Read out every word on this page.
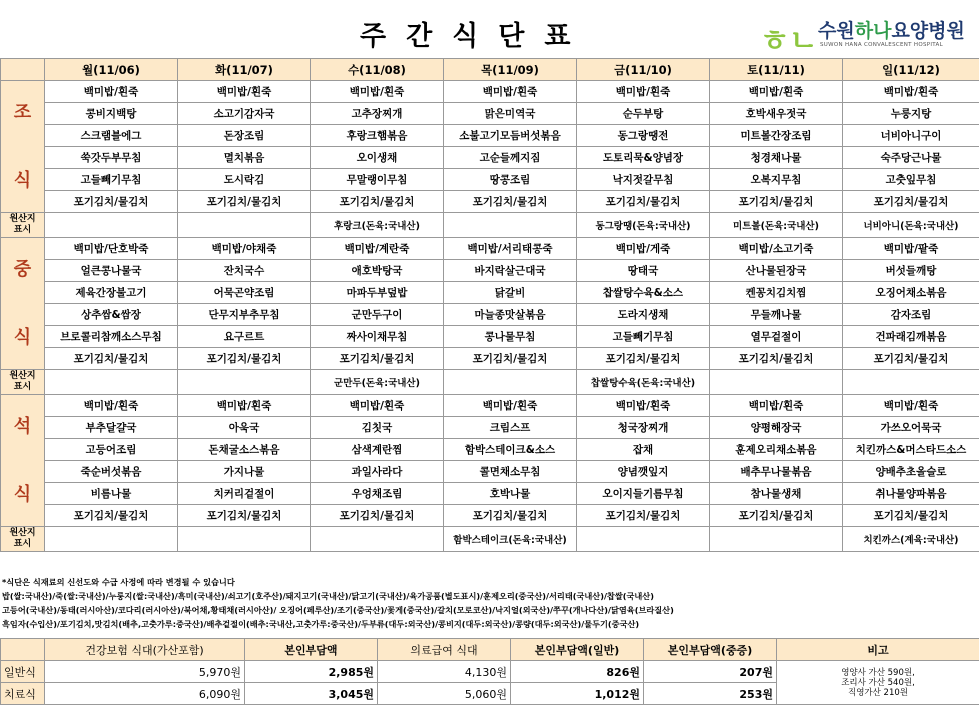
주간식단표	ㅎㄴ 수원하나요양병원
SUWON HANA CONVALESCENT HOSPITAL
	월(11/06)	화(11/07)	수(11/08)	목(11/09)	금(11/10)	토(11/11)	일(11/12)
조

식	백미밥/흰죽	백미밥/흰죽	백미밥/흰죽	백미밥/흰죽	백미밥/흰죽	백미밥/흰죽	백미밥/흰죽
	콩비지백탕	소고기감자국	고추장찌개	맑은미역국	순두부탕	호박새우젓국	누룽지탕
	스크램블에그	돈장조림	후랑크햄볶음	소불고기모듬버섯볶음	동그랑땡전	미트볼간장조림	너비아니구이
	쑥갓두부무침	멸치볶음	오이생채	고순들께지짐	도토리묵&양념장	청경채나물	숙주당근나물
	고들빼기무침	도시락김	무말랭이무침	땅콩조림	낙지젓갈무침	오복지무침	고춧잎무침
	포기김치/물김치	포기김치/물김치	포기김치/물김치	포기김치/물김치	포기김치/물김치	포기김치/물김치	포기김치/물김치
원산지
표시			후랑크(돈육:국내산)		동그랑땡(돈육:국내산)	미트볼(돈육:국내산)	너비아니(돈육:국내산)
중

식	백미밥/단호박죽	백미밥/야채죽	백미밥/계란죽	백미밥/서리태콩죽	백미밥/게죽	백미밥/소고기죽	백미밥/팥죽
	얼큰콩나물국	잔치국수	애호박탕국	바지락살근대국	땅태국	산나물된장국	버섯들깨탕
	제육간장불고기	어묵곤약조림	마파두부덮밥	닭갈비	찹쌀탕수육&소스	켄꽁치김치찜	오징어채소볶음
	상추쌈&쌈장	단무지부추무침	군만두구이	마늘종맛살볶음	도라지생채	무들깨나물	감자조림
	브로콜리참깨소스무침	요구르트	짜사이채무침	콩나물무침	고들빼기무침	열무겉절이	건파래김깨볶음
	포기김치/물김치	포기김치/물김치	포기김치/물김치	포기김치/물김치	포기김치/물김치	포기김치/물김치	포기김치/물김치
원산지
표시			군만두(돈육:국내산)		찹쌀탕수육(돈육:국내산)		
석

식	백미밥/흰죽	백미밥/흰죽	백미밥/흰죽	백미밥/흰죽	백미밥/흰죽	백미밥/흰죽	백미밥/흰죽
	부추달걀국	아욱국	김칫국	크림스프	청국장찌개	양평해장국	가쓰오어묵국
	고등어조림	돈채굴소스볶음	삼색계란찜	함박스테이크&소스	잡채	훈제오리채소볶음	치킨까스&머스타드소스
	죽순버섯볶음	가지나물	과일사라다	콜면채소무침	양념깻잎지	배추무나물볶음	양배추초올슬로
	비름나물	치커리겉절이	우엉채조림	호박나물	오이지들기름무침	참나물생채	취나물양파볶음
	포기김치/물김치	포기김치/물김치	포기김치/물김치	포기김치/물김치	포기김치/물김치	포기김치/물김치	포기김치/물김치
원산지
표시				함박스테이크(돈육:국내산)			치킨까스(계육:국내산)
*식단은 식재료의 신선도와 수급 사정에 따라 변경될 수 있습니다
밥(쌀:국내산)/죽(쌀:국내산)/누룽지(쌀:국내산)/흑미(국내산)/쇠고기(호주산)/돼지고기(국내산)/닭고기(국내산)/육가공품(별도표시)/훈제오리(중국산)/서리태(국내산)/찹쌀(국내산)
고등어(국내산)/동태(러시아산)/코다리(러시아산)/북어채,황태채(러시아산)/ 오징어(페루산)/조기(중국산)/꽃게(중국산)/갈치(모로코산)/낙지얼(외국산)/쭈꾸(개나다산)/닭염육(브라질산)
흑임자(수입산)/포기김치,맛김치(배추,고춧가루:중국산)/배추겉절이(배추:국내산,고춧가루:중국산)/두부류(대두:외국산)/콩비지(대두:외국산)/콩량(대두:외국산)/물두기(중국산)
	건강보험 식대(가산포함)	본인부담액	의료급여 식대	본인부담액(일반)	본인부담액(중증)	비고
일반식	5,970원	2,985원	4,130원	826원	207원	영양사 가산 590원,
조리사 가산 540원,
직영가산 210원

치료식	6,090원	3,045원	5,060원	1,012원	253원	
